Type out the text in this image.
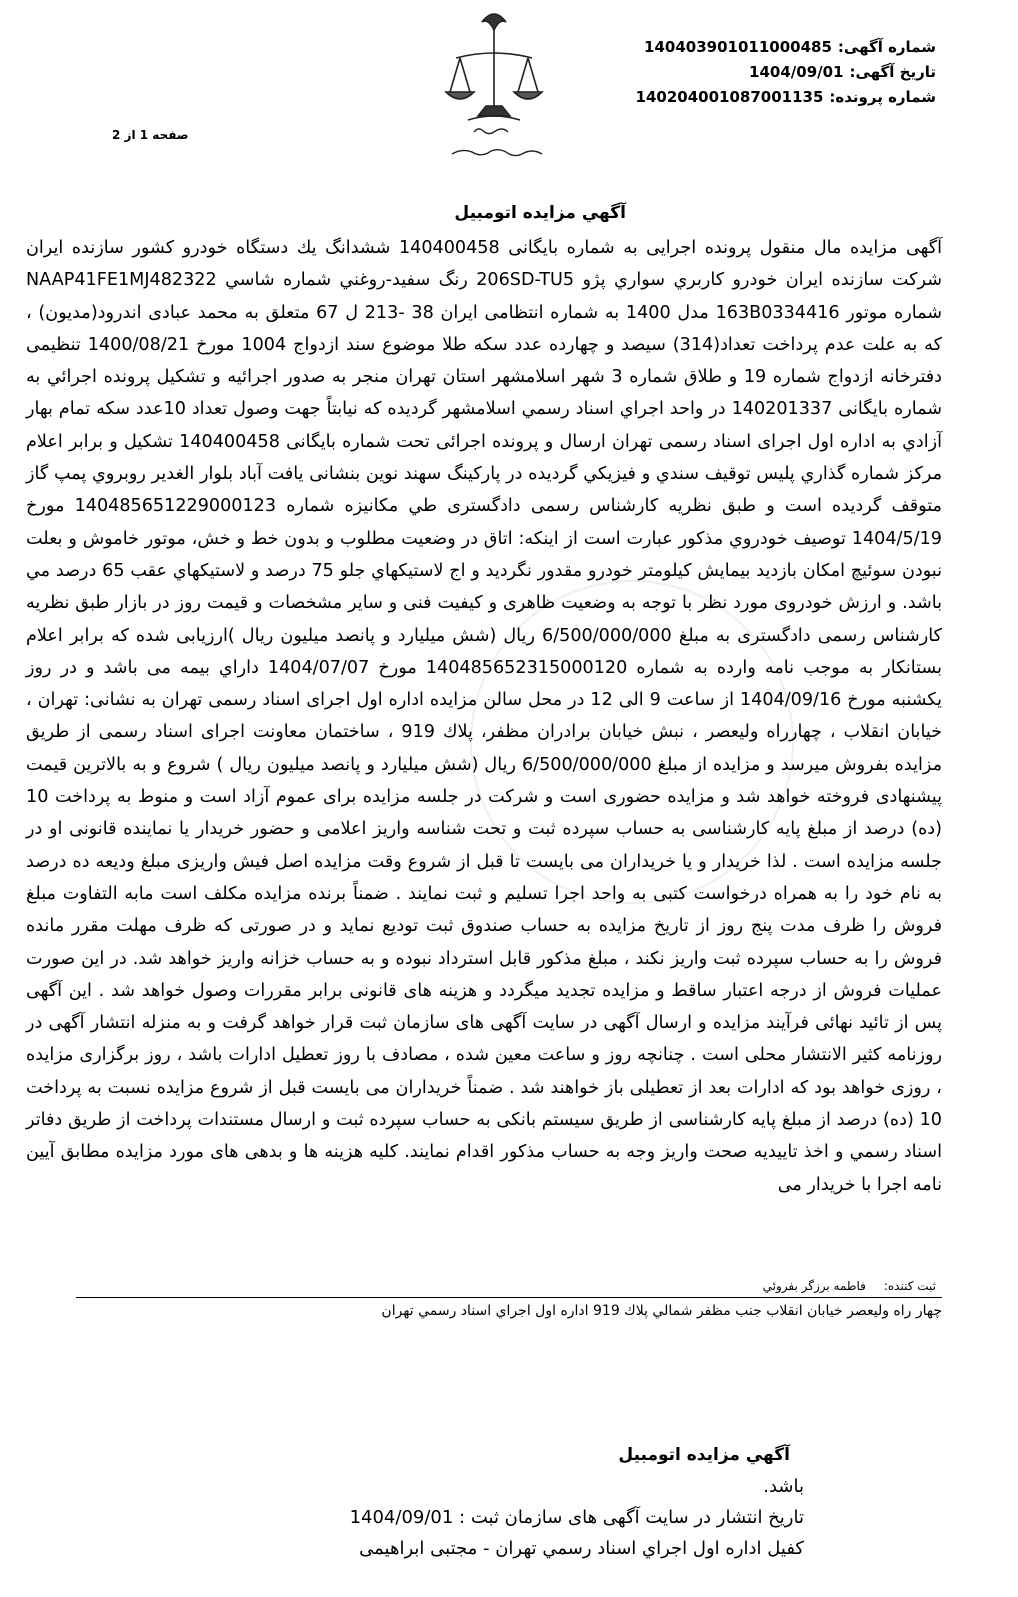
شماره آگهی:140403901011000485
تاریخ آگهی:1404/09/01
شماره پرونده:140204001087001135
صفحه 1 از 2
آگهي مزايده اتومبيل

آگهی مزايده مال منقول پرونده اجرايی به شماره بايگانی 140400458 ششدانگ يك دستگاه خودرو كشور سازنده ايران شركت سازنده ايران خودرو كاربري سواري پژو 206SD-TU5 رنگ سفيد-روغني شماره شاسي NAAP41FE1MJ482322 شماره موتور 163B0334416 مدل 1400 به شماره انتظامی ايران 38 -213 ل 67 متعلق به محمد عبادی اندرود(مديون) ، كه به علت عدم پرداخت تعداد(314) سيصد و چهارده عدد سكه طلا موضوع سند ازدواج 1004 مورخ 1400/08/21 تنظيمی دفترخانه ازدواج شماره 19 و طلاق شماره 3 شهر اسلامشهر استان تهران منجر به صدور اجرائيه و تشكيل پرونده اجرائي به شماره بايگانی 140201337 در واحد اجراي اسناد رسمي اسلامشهر گرديده كه نيابتاً جهت وصول تعداد 10عدد سكه تمام بهار آزادي به اداره اول اجرای اسناد رسمی تهران ارسال و پرونده اجرائی تحت شماره بايگانی 140400458 تشكيل و برابر اعلام مركز شماره گذاري پليس توقيف سندي و فيزيكي گرديده در پاركينگ سهند نوين بنشانی يافت آباد بلوار الغدير روبروي پمپ گاز متوقف گرديده است و طبق نظريه كارشناس رسمی دادگستری طي مكانيزه شماره 140485651229000123 مورخ 1404/5/19 توصيف خودروي مذكور عبارت است از اينكه: اتاق در وضعيت مطلوب و بدون خط و خش، موتور خاموش و بعلت نبودن سوئيچ امكان بازديد بيمايش كيلومتر خودرو مقدور نگرديد و اج لاستيكهاي جلو 75 درصد و لاستيكهاي عقب 65 درصد مي باشد. و ارزش خودروی مورد نظر با توجه به وضعيت ظاهری و كيفيت فنی و ساير مشخصات و قيمت روز در بازار طبق نظريه كارشناس رسمی دادگستری به مبلغ 6/500/000/000 ريال (شش ميليارد و پانصد ميليون ريال )ارزيابی شده كه برابر اعلام بستانكار به موجب نامه وارده به شماره 140485652315000120 مورخ 1404/07/07 داراي بيمه می باشد و در روز يكشنبه مورخ 1404/09/16 از ساعت 9 الی 12 در محل سالن مزايده اداره اول اجرای اسناد رسمی تهران به نشانی: تهران ، خيابان انقلاب ، چهارراه وليعصر ، نبش خيابان برادران مظفر، پلاك 919 ، ساختمان معاونت اجرای اسناد رسمی از طريق مزايده بفروش ميرسد و مزايده از مبلغ 6/500/000/000 ريال (شش ميليارد و پانصد ميليون ريال ) شروع و به بالاترين قيمت پيشنهادی فروخته خواهد شد و مزايده حضوری است و شركت در جلسه مزايده برای عموم آزاد است و منوط به پرداخت 10 (ده) درصد از مبلغ پايه كارشناسی به حساب سپرده ثبت و تحت شناسه واريز اعلامی و حضور خريدار يا نماينده قانونی او در جلسه مزايده است . لذا خريدار و يا خريداران می بايست تا قبل از شروع وقت مزايده اصل فيش واريزی مبلغ وديعه ده درصد به نام خود را به همراه درخواست كتبی به واحد اجرا تسليم و ثبت نمايند . ضمناً برنده مزايده مكلف است مابه التفاوت مبلغ فروش را ظرف مدت پنج روز از تاريخ مزايده به حساب صندوق ثبت توديع نمايد و در صورتی كه ظرف مهلت مقرر مانده فروش را به حساب سپرده ثبت واريز نكند ، مبلغ مذكور قابل استرداد نبوده و به حساب خزانه واريز خواهد شد. در اين صورت عمليات فروش از درجه اعتبار ساقط و مزايده تجديد ميگردد و هزينه های قانونی برابر مقررات وصول خواهد شد . اين آگهی پس از تائيد نهائی فرآيند مزايده و ارسال آگهی در سايت آگهی های سازمان ثبت قرار خواهد گرفت و به منزله انتشار آگهی در روزنامه كثير الانتشار محلی است . چنانچه روز و ساعت معين شده ، مصادف با روز تعطيل ادارات باشد ، روز برگزاری مزايده ، روزی خواهد بود كه ادارات بعد از تعطيلی باز خواهند شد . ضمناً خريداران می بايست قبل از شروع مزايده نسبت به پرداخت 10 (ده) درصد از مبلغ پايه كارشناسی از طريق سيستم بانكی به حساب سپرده ثبت و ارسال مستندات پرداخت از طريق دفاتر اسناد رسمي و اخذ تاييديه صحت واريز وجه به حساب مذكور اقدام نمايند. كليه هزينه ها و بدهی های مورد مزايده مطابق آيين نامه اجرا با خريدار می

ثبت كننده:فاطمه برزگر بفروئي
چهار راه وليعصر خيابان انقلاب جنب مظفر شمالي پلاك 919 اداره اول اجراي اسناد رسمي تهران
آگهي مزايده اتومبيل
باشد.
تاريخ انتشار در سايت آگهی های سازمان ثبت : 1404/09/01
كفيل اداره اول اجراي اسناد رسمي تهران - مجتبی ابراهيمی
